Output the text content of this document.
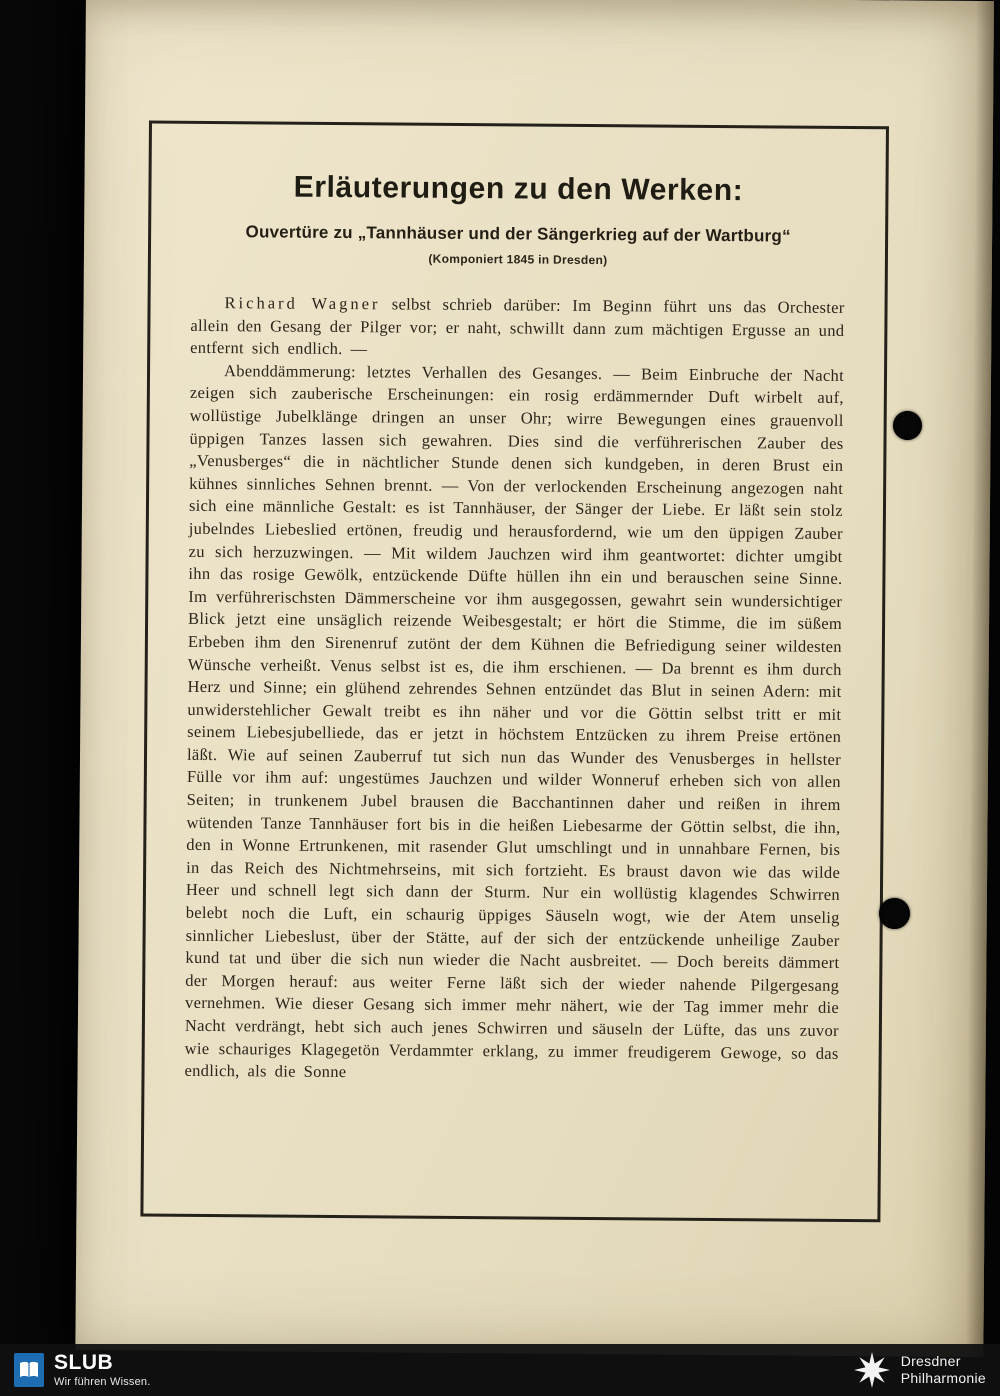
Erläuterungen zu den Werken:
Ouvertüre zu „Tannhäuser und der Sängerkrieg auf der Wartburg“
(Komponiert 1845 in Dresden)

Richard Wagner selbst schrieb darüber: Im Beginn führt uns das Orchester allein den Gesang der Pilger vor; er naht, schwillt dann zum mächtigen Ergusse an und entfernt sich endlich. —

Abenddämmerung: letztes Verhallen des Gesanges. — Beim Einbruche der Nacht zeigen sich zauberische Erscheinungen: ein rosig erdämmernder Duft wirbelt auf, wollüstige Jubelklänge dringen an unser Ohr; wirre Bewegungen eines grauenvoll üppigen Tanzes lassen sich gewahren. Dies sind die verführerischen Zauber des „Venusberges“ die in nächtlicher Stunde denen sich kundgeben, in deren Brust ein kühnes sinnliches Sehnen brennt. — Von der verlockenden Erscheinung angezogen naht sich eine männliche Gestalt: es ist Tannhäuser, der Sänger der Liebe. Er läßt sein stolz jubelndes Liebeslied ertönen, freudig und herausfordernd, wie um den üppigen Zauber zu sich herzuzwingen. — Mit wildem Jauchzen wird ihm geantwortet: dichter umgibt ihn das rosige Gewölk, entzückende Düfte hüllen ihn ein und berauschen seine Sinne. Im verführerischsten Dämmerscheine vor ihm ausgegossen, gewahrt sein wundersichtiger Blick jetzt eine unsäglich reizende Weibesgestalt; er hört die Stimme, die im süßem Erbeben ihm den Sirenenruf zutönt der dem Kühnen die Befriedigung seiner wildesten Wünsche verheißt. Venus selbst ist es, die ihm erschienen. — Da brennt es ihm durch Herz und Sinne; ein glühend zehrendes Sehnen entzündet das Blut in seinen Adern: mit unwiderstehlicher Gewalt treibt es ihn näher und vor die Göttin selbst tritt er mit seinem Liebesjubelliede, das er jetzt in höchstem Entzücken zu ihrem Preise ertönen läßt. Wie auf seinen Zauberruf tut sich nun das Wunder des Venusberges in hellster Fülle vor ihm auf: ungestümes Jauchzen und wilder Wonneruf erheben sich von allen Seiten; in trunkenem Jubel brausen die Bacchantinnen daher und reißen in ihrem wütenden Tanze Tannhäuser fort bis in die heißen Liebesarme der Göttin selbst, die ihn, den in Wonne Ertrunkenen, mit rasender Glut umschlingt und in unnahbare Fernen, bis in das Reich des Nichtmehrseins, mit sich fortzieht. Es braust davon wie das wilde Heer und schnell legt sich dann der Sturm. Nur ein wollüstig klagendes Schwirren belebt noch die Luft, ein schaurig üppiges Säuseln wogt, wie der Atem unselig sinnlicher Liebeslust, über der Stätte, auf der sich der entzückende unheilige Zauber kund tat und über die sich nun wieder die Nacht ausbreitet. — Doch bereits dämmert der Morgen herauf: aus weiter Ferne läßt sich der wieder nahende Pilgergesang vernehmen. Wie dieser Gesang sich immer mehr nähert, wie der Tag immer mehr die Nacht verdrängt, hebt sich auch jenes Schwirren und säuseln der Lüfte, das uns zuvor wie schauriges Klagegetön Verdammter erklang, zu immer freudigerem Gewoge, so das endlich, als die Sonne

SLUB
Wir führen Wissen.
Dresdner
Philharmonie
